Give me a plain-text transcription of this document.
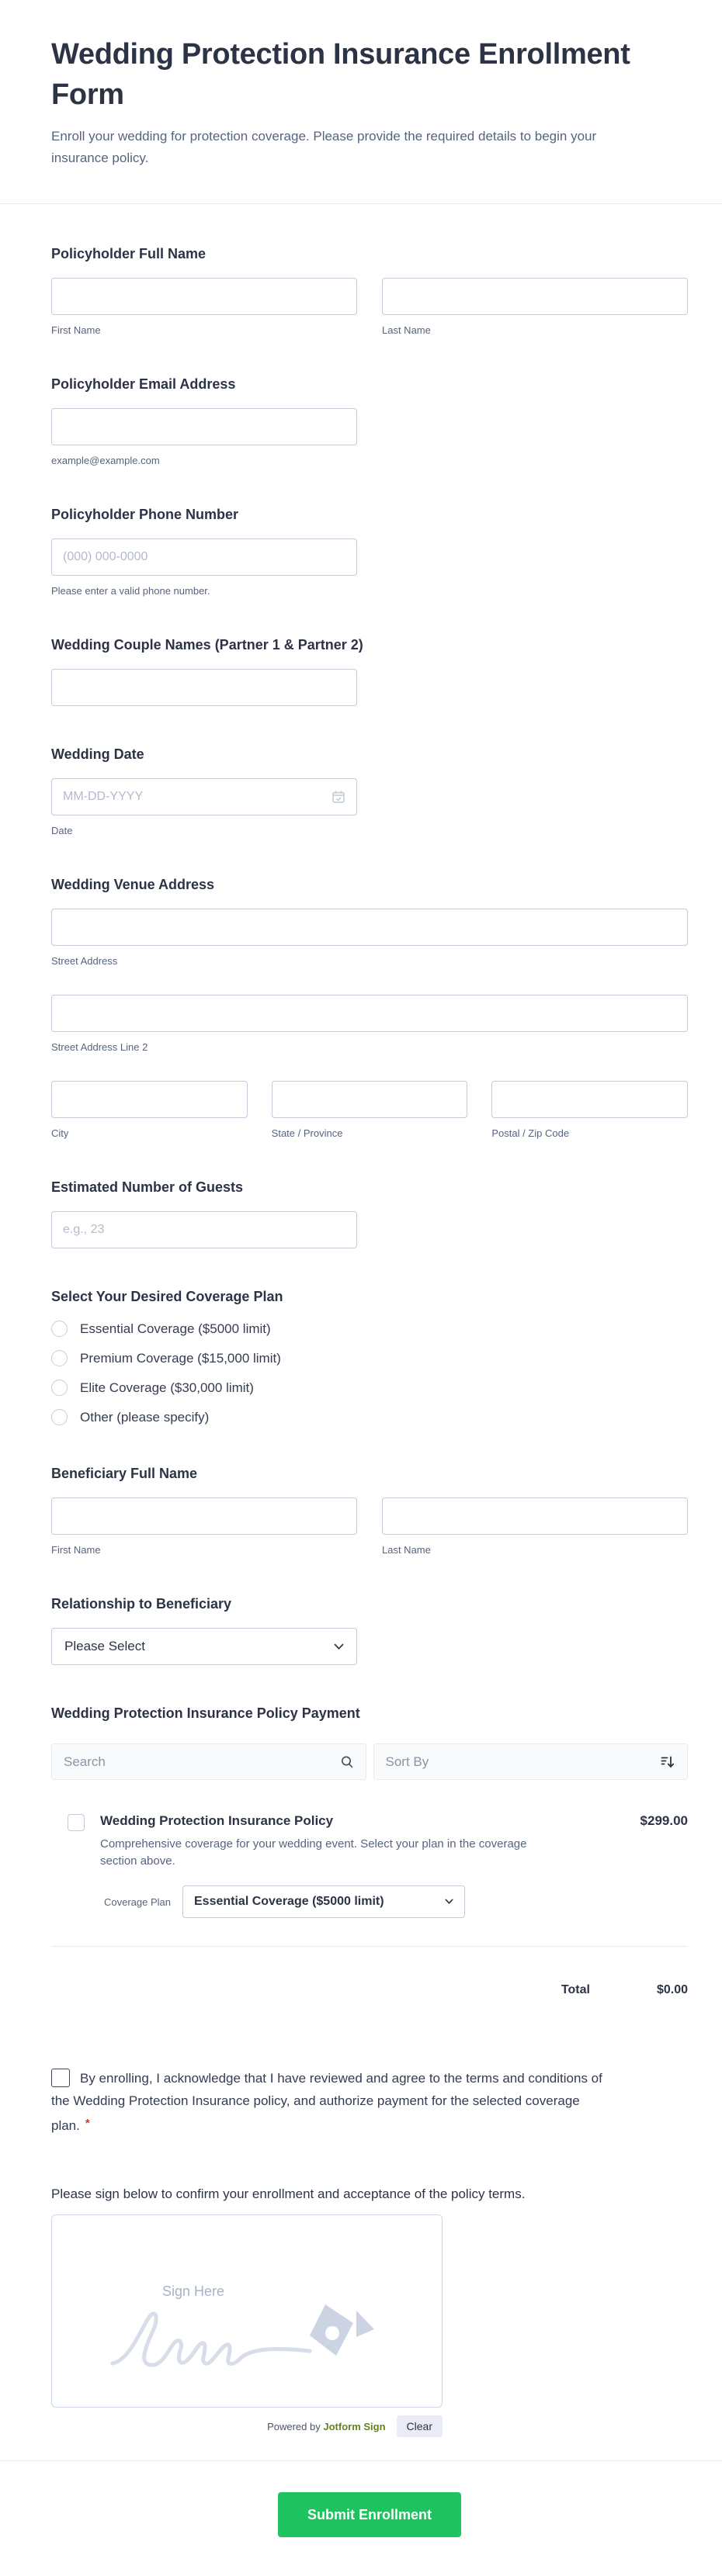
Wedding Protection Insurance Enrollment Form

Enroll your wedding for protection coverage. Please provide the required details to begin your insurance policy.

Policyholder Full Name
First Name	Last Name
Policyholder Email Address
example@example.com
Policyholder Phone Number
(000) 000-0000
Please enter a valid phone number.
Wedding Couple Names (Partner 1 & Partner 2)
Wedding Date
MM-DD-YYYY
Date
Wedding Venue Address
Street Address
Street Address Line 2
City	State / Province	Postal / Zip Code
Estimated Number of Guests
e.g., 23
Select Your Desired Coverage Plan
Essential Coverage ($5000 limit)
Premium Coverage ($15,000 limit)
Elite Coverage ($30,000 limit)
Other (please specify)
Beneficiary Full Name
First Name	Last Name
Relationship to Beneficiary
Please Select
Wedding Protection Insurance Policy Payment
Search	Sort By
Wedding Protection Insurance Policy
Comprehensive coverage for your wedding event. Select your plan in the coverage section above.
Coverage Plan	Essential Coverage ($5000 limit)
$299.00
Total	$0.00

By enrolling, I acknowledge that I have reviewed and agree to the terms and conditions of the Wedding Protection Insurance policy, and authorize payment for the selected coverage plan. *

Please sign below to confirm your enrollment and acceptance of the policy terms.
Sign Here
Powered by Jotform Sign	Clear
Submit Enrollment
